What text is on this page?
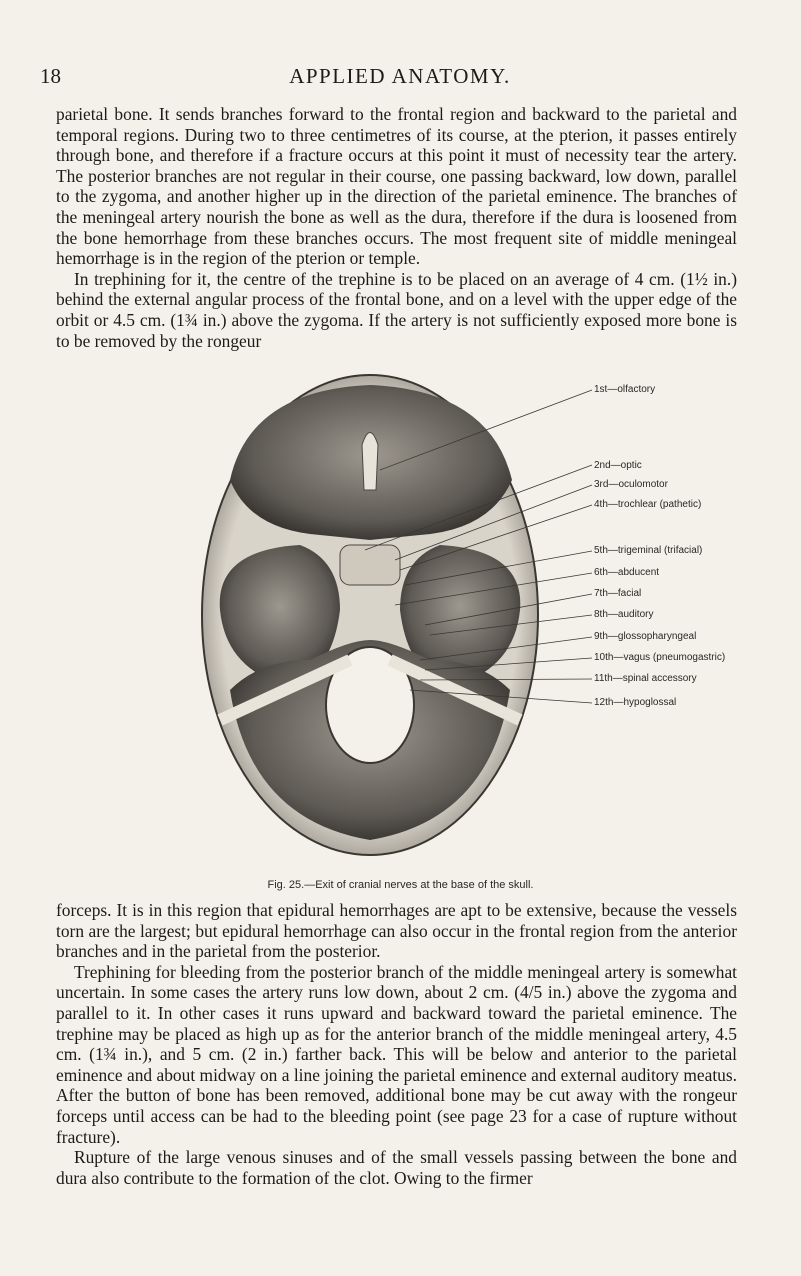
18	APPLIED ANATOMY.

parietal bone. It sends branches forward to the frontal region and backward to the parietal and temporal regions. During two to three centimetres of its course, at the pterion, it passes entirely through bone, and therefore if a fracture occurs at this point it must of necessity tear the artery. The posterior branches are not regular in their course, one passing backward, low down, parallel to the zygoma, and another higher up in the direction of the parietal eminence. The branches of the meningeal artery nourish the bone as well as the dura, therefore if the dura is loosened from the bone hemorrhage from these branches occurs. The most frequent site of middle meningeal hemorrhage is in the region of the pterion or temple.

In trephining for it, the centre of the trephine is to be placed on an average of 4 cm. (1½ in.) behind the external angular process of the frontal bone, and on a level with the upper edge of the orbit or 4.5 cm. (1¾ in.) above the zygoma. If the artery is not sufficiently exposed more bone is to be removed by the rongeur

1st—olfactory
2nd—optic
3rd—oculomotor
4th—trochlear (pathetic)
5th—trigeminal (trifacial)
6th—abducent
7th—facial
8th—auditory
9th—glossopharyngeal
10th—vagus (pneumogastric)
11th—spinal accessory
12th—hypoglossal
Fig. 25.—Exit of cranial nerves at the base of the skull.

forceps. It is in this region that epidural hemorrhages are apt to be extensive, because the vessels torn are the largest; but epidural hemorrhage can also occur in the frontal region from the anterior branches and in the parietal from the posterior.

Trephining for bleeding from the posterior branch of the middle meningeal artery is somewhat uncertain. In some cases the artery runs low down, about 2 cm. (4/5 in.) above the zygoma and parallel to it. In other cases it runs upward and backward toward the parietal eminence. The trephine may be placed as high up as for the anterior branch of the middle meningeal artery, 4.5 cm. (1¾ in.), and 5 cm. (2 in.) farther back. This will be below and anterior to the parietal eminence and about midway on a line joining the parietal eminence and external auditory meatus. After the button of bone has been removed, additional bone may be cut away with the rongeur forceps until access can be had to the bleeding point (see page 23 for a case of rupture without fracture).

Rupture of the large venous sinuses and of the small vessels passing between the bone and dura also contribute to the formation of the clot. Owing to the firmer
